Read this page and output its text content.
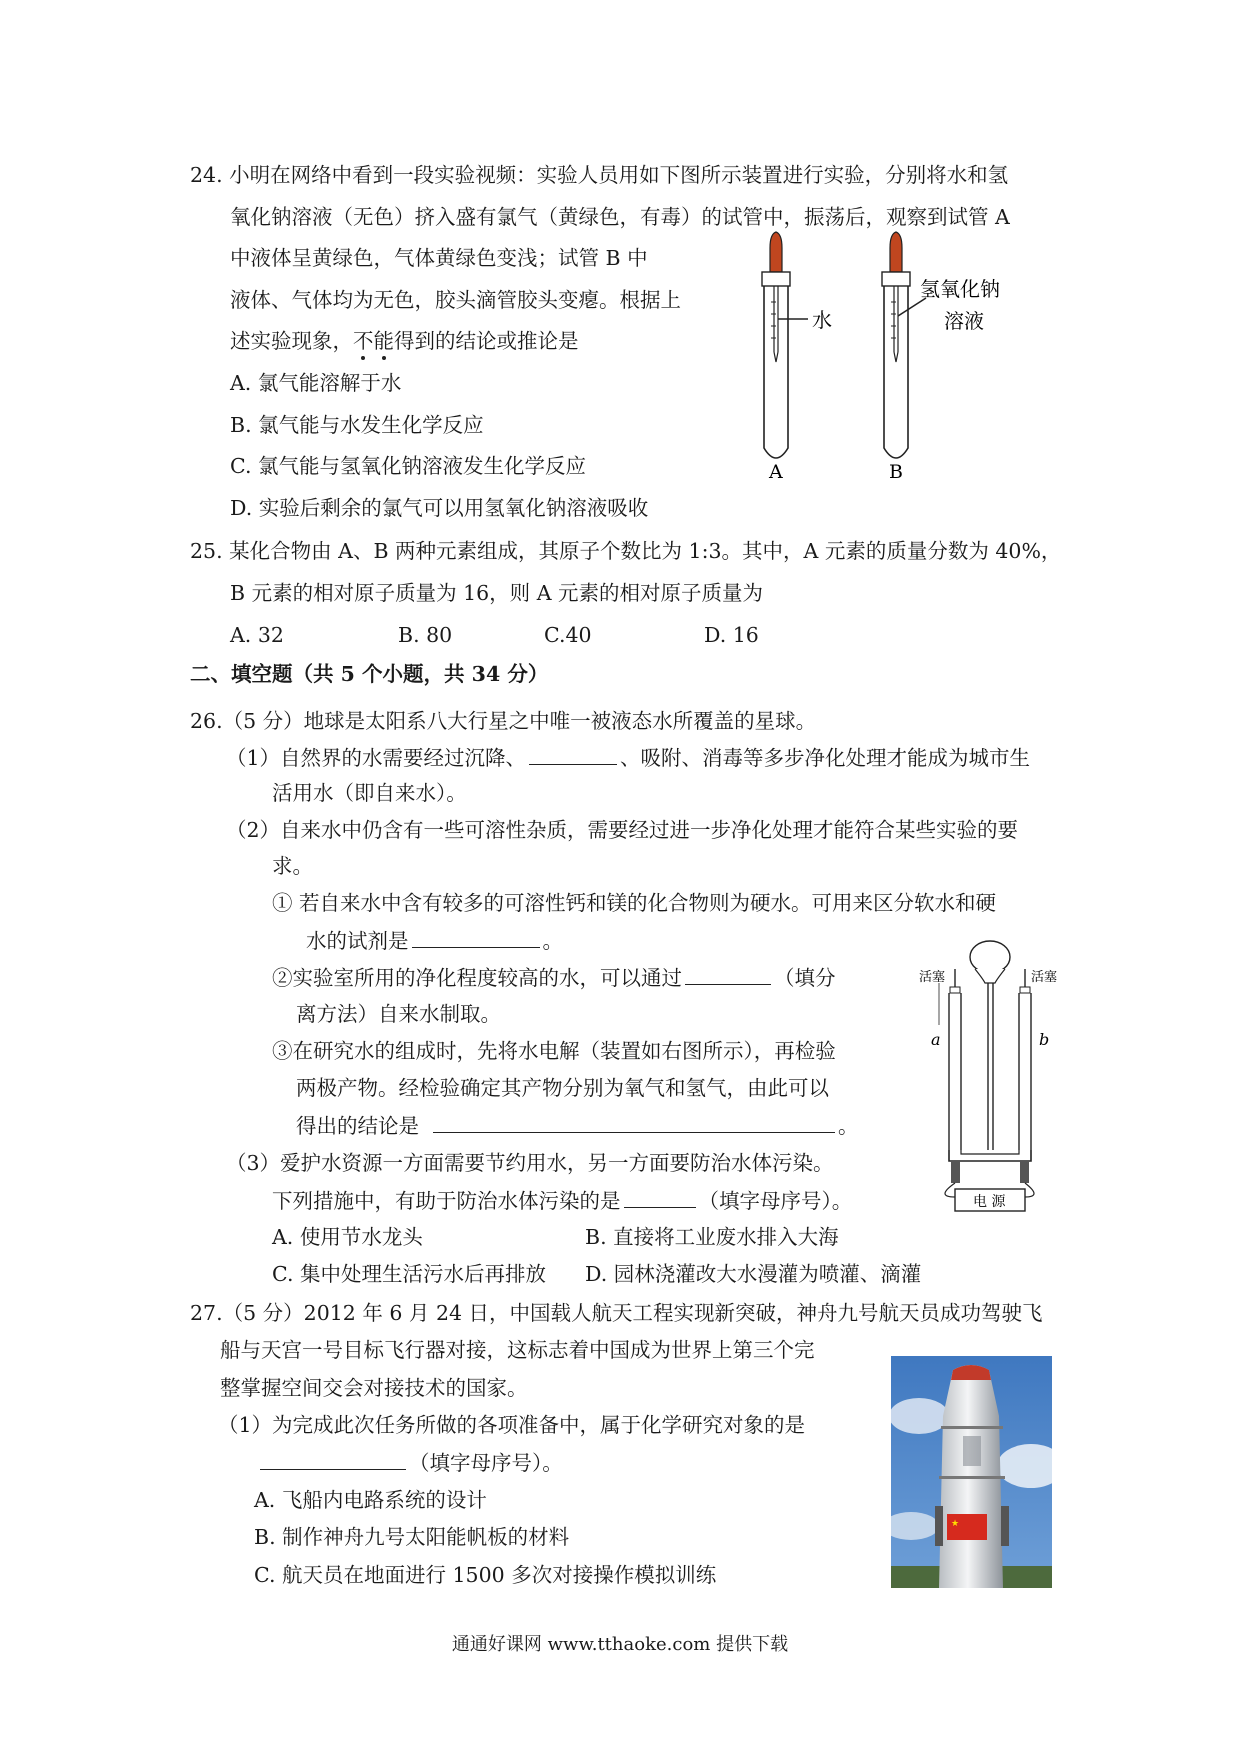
24. 小明在网络中看到一段实验视频：实验人员用如下图所示装置进行实验，分别将水和氢
氧化钠溶液（无色）挤入盛有氯气（黄绿色，有毒）的试管中，振荡后，观察到试管 A
中液体呈黄绿色，气体黄绿色变浅；试管 B 中
液体、气体均为无色，胶头滴管胶头变瘪。根据上
述实验现象，不能得到的结论或推论是
A. 氯气能溶解于水
B. 氯气能与水发生化学反应
C. 氯气能与氢氧化钠溶液发生化学反应
D. 实验后剩余的氯气可以用氢氧化钠溶液吸收
水
氢氧化钠
溶液
A	B
25. 某化合物由 A、B 两种元素组成，其原子个数比为 1:3。其中，A 元素的质量分数为 40%，
B 元素的相对原子质量为 16，则 A 元素的相对原子质量为
A. 32	B. 80	C.40	D. 16
二、填空题（共 5 个小题，共 34 分）
26.（5 分）地球是太阳系八大行星之中唯一被液态水所覆盖的星球。
（1）自然界的水需要经过沉降、	、吸附、消毒等多步净化处理才能成为城市生
活用水（即自来水）。
（2）自来水中仍含有一些可溶性杂质，需要经过进一步净化处理才能符合某些实验的要
求。
① 若自来水中含有较多的可溶性钙和镁的化合物则为硬水。可用来区分软水和硬
水的试剂是	。
②实验室所用的净化程度较高的水，可以通过	（填分
离方法）自来水制取。
③在研究水的组成时，先将水电解（装置如右图所示），再检验
两极产物。经检验确定其产物分别为氧气和氢气，由此可以
得出的结论是	。
（3）爱护水资源一方面需要节约用水，另一方面要防治水体污染。
下列措施中，有助于防治水体污染的是	（填字母序号）。
A. 使用节水龙头	B. 直接将工业废水排入大海
C. 集中处理生活污水后再排放 D. 园林浇灌改大水漫灌为喷灌、滴灌
a	b
活塞	活塞
电 源
27.（5 分）2012 年 6 月 24 日，中国载人航天工程实现新突破，神舟九号航天员成功驾驶飞
船与天宫一号目标飞行器对接，这标志着中国成为世界上第三个完
整掌握空间交会对接技术的国家。
（1）为完成此次任务所做的各项准备中，属于化学研究对象的是
（填字母序号）。
A. 飞船内电路系统的设计
B. 制作神舟九号太阳能帆板的材料
C. 航天员在地面进行 1500 多次对接操作模拟训练
★
通通好课网 www.tthaoke.com 提供下载
